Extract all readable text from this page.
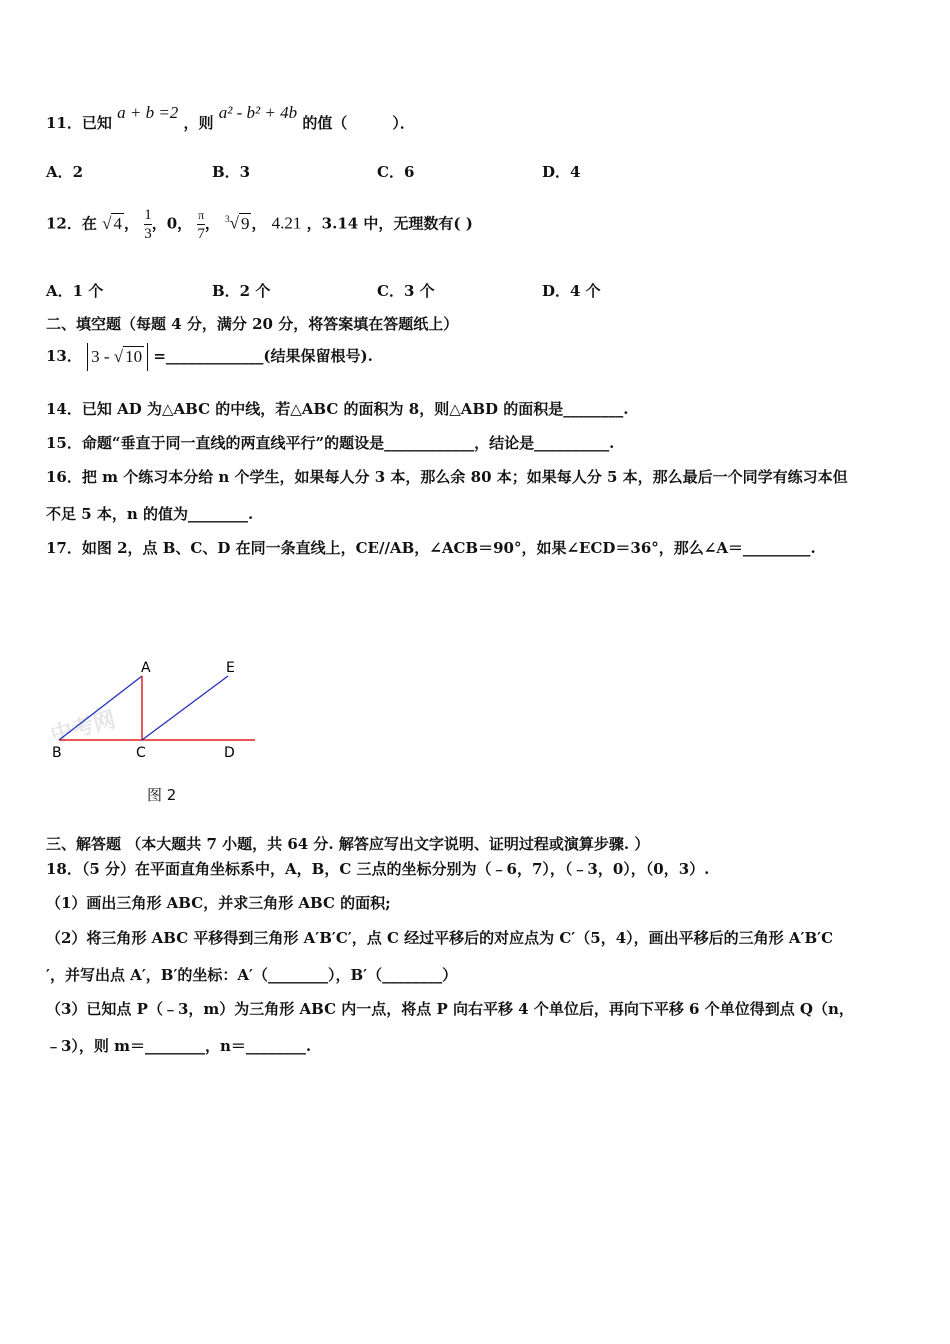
11．已知 a + b =2 ，则 a² - b² + 4b 的值（　　　）．
A．2	B．3	C．6	D．4
12．在 √ 4 ， $\frac{1}{3}$ ，0， $\frac{\pi}{7}$ ， $^3$√ 9 ， 4.21 ，3.14 中，无理数有( )
A．1 个	B．2 个	C．3 个	D．4 个
二、填空题（每题 4 分，满分 20 分，将答案填在答题纸上）
13． 3 - √ 10 =_____________(结果保留根号).
14．已知 AD 为△ABC 的中线，若△ABC 的面积为 8，则△ABD 的面积是________.
15．命题“垂直于同一直线的两直线平行”的题设是____________，结论是__________.
16．把 m 个练习本分给 n 个学生，如果每人分 3 本，那么余 80 本；如果每人分 5 本，那么最后一个同学有练习本但
不足 5 本，n 的值为________.
17．如图 2，点 B、C、D 在同一条直线上，CE//AB，∠ACB＝90°，如果∠ECD＝36°，那么∠A＝_________.
中考网
A	E
B	C	D
图 2
三、解答题 （本大题共 7 小题，共 64 分. 解答应写出文字说明、证明过程或演算步骤. ）
18．（5 分）在平面直角坐标系中，A，B，C 三点的坐标分别为（﹣6，7），（﹣3，0），（0，3）.
（1）画出三角形 ABC，并求三角形 ABC 的面积;
（2）将三角形 ABC 平移得到三角形 A′B′C′，点 C 经过平移后的对应点为 C′（5，4），画出平移后的三角形 A′B′C
′，并写出点 A′，B′的坐标：A′（________），B′（________）
（3）已知点 P（﹣3，m）为三角形 ABC 内一点，将点 P 向右平移 4 个单位后，再向下平移 6 个单位得到点 Q（n，
﹣3），则 m＝________，n＝________.
